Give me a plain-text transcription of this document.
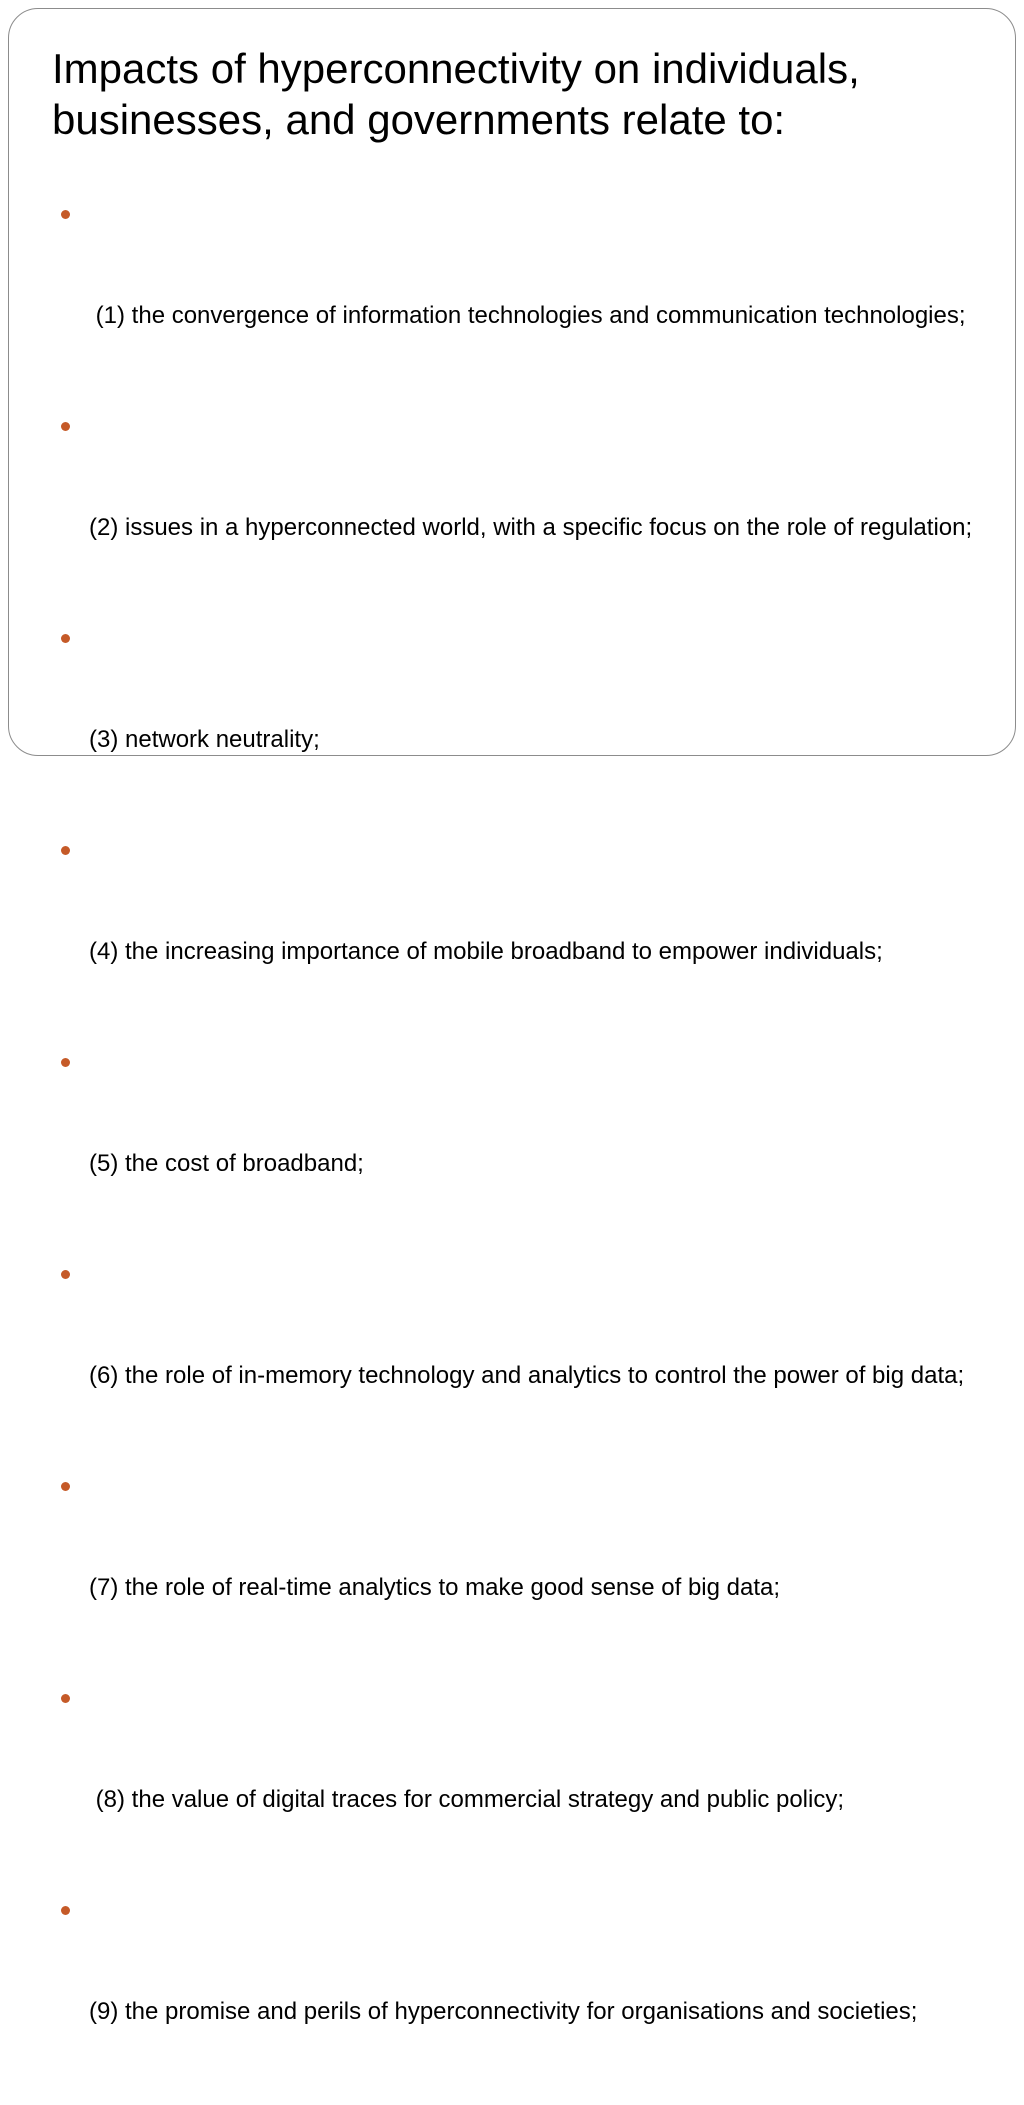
Impacts of hyperconnectivity on individuals, businesses, and governments relate to:

(1) the convergence of information technologies and communication technologies;

(2) issues in a hyperconnected world, with a specific focus on the role of regulation;

(3) network neutrality;

(4) the increasing importance of mobile broadband to empower individuals;

(5) the cost of broadband;

(6) the role of in-memory technology and analytics to control the power of big data;

(7) the role of real-time analytics to make good sense of big data;

(8) the value of digital traces for commercial strategy and public policy;

(9) the promise and perils of hyperconnectivity for organisations and societies;
